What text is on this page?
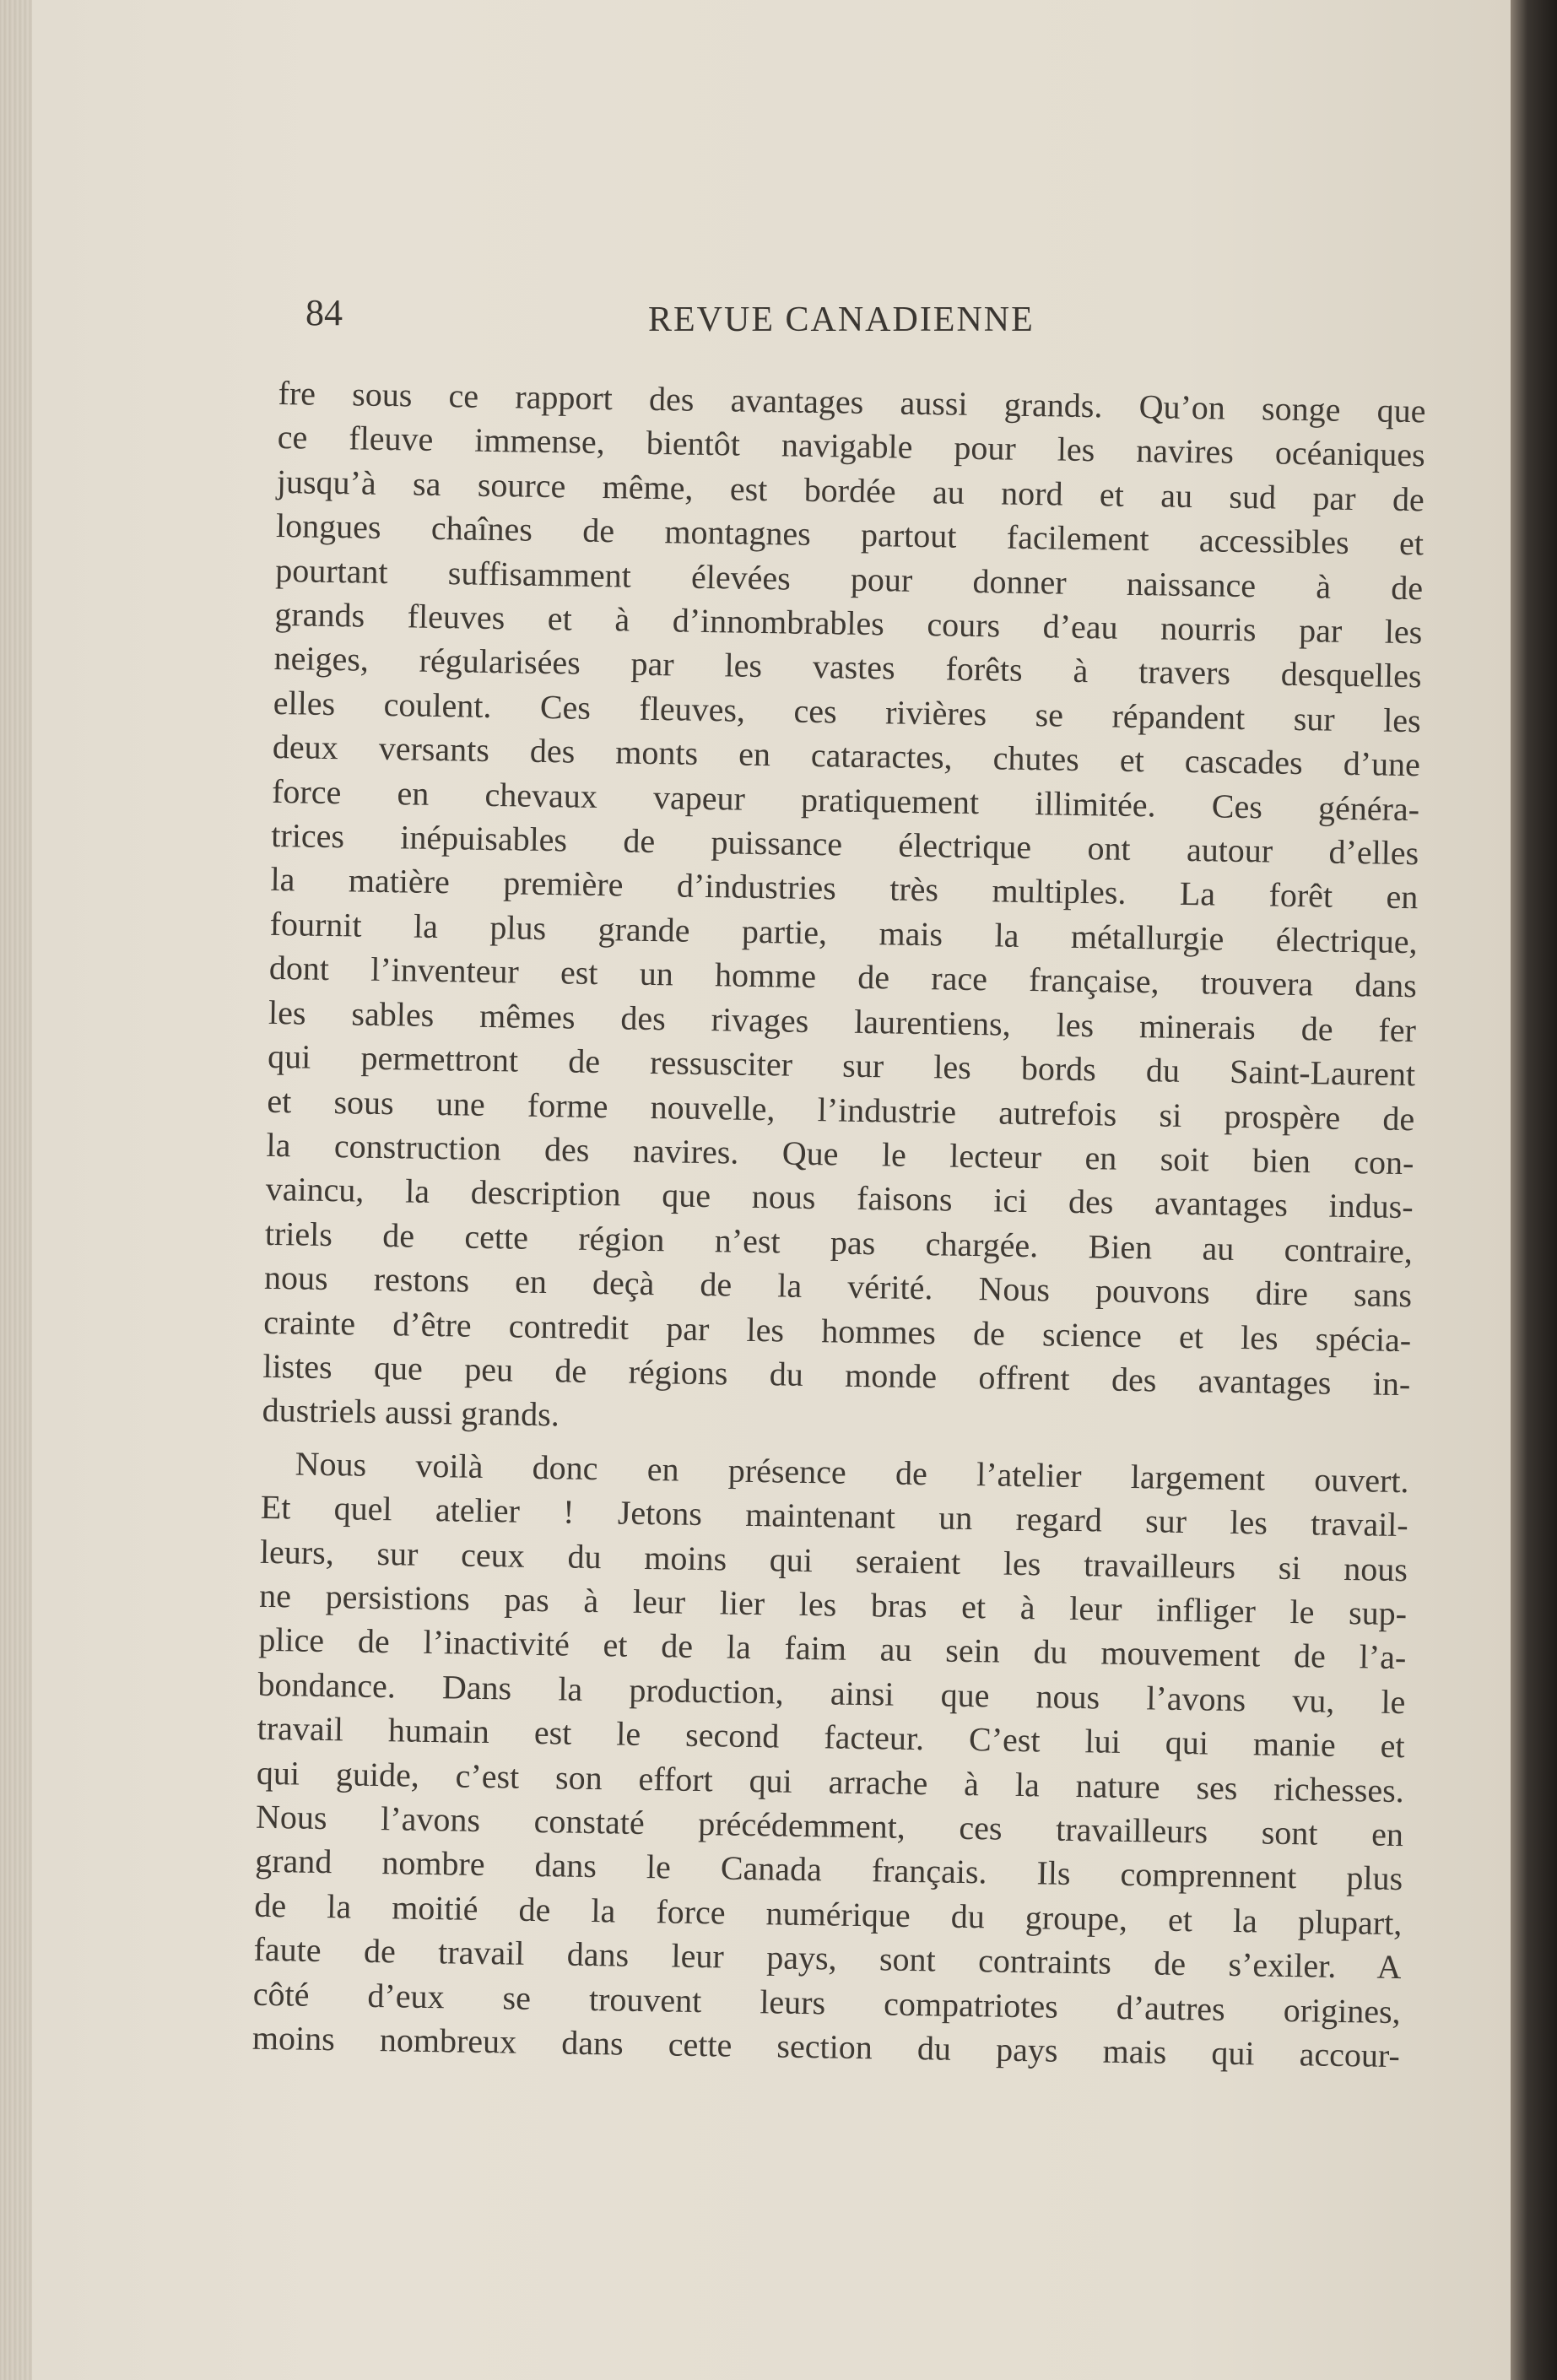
84	REVUE CANADIENNE
fre sous ce rapport des avantages aussi grands. Qu’on songe que
ce fleuve immense, bientôt navigable pour les navires océaniques
jusqu’à sa source même, est bordée au nord et au sud par de
longues chaînes de montagnes partout facilement accessibles et
pourtant suffisamment élevées pour donner naissance à de
grands fleuves et à d’innombrables cours d’eau nourris par les
neiges, régularisées par les vastes forêts à travers desquelles
elles coulent. Ces fleuves, ces rivières se répandent sur les
deux versants des monts en cataractes, chutes et cascades d’une
force en chevaux vapeur pratiquement illimitée. Ces généra-
trices inépuisables de puissance électrique ont autour d’elles
la matière première d’industries très multiples. La forêt en
fournit la plus grande partie, mais la métallurgie électrique,
dont l’inventeur est un homme de race française, trouvera dans
les sables mêmes des rivages laurentiens, les minerais de fer
qui permettront de ressusciter sur les bords du Saint-Laurent
et sous une forme nouvelle, l’industrie autrefois si prospère de
la construction des navires. Que le lecteur en soit bien con-
vaincu, la description que nous faisons ici des avantages indus-
triels de cette région n’est pas chargée. Bien au contraire,
nous restons en deçà de la vérité. Nous pouvons dire sans
crainte d’être contredit par les hommes de science et les spécia-
listes que peu de régions du monde offrent des avantages in-
dustriels aussi grands.
Nous voilà donc en présence de l’atelier largement ouvert.
Et quel atelier ! Jetons maintenant un regard sur les travail-
leurs, sur ceux du moins qui seraient les travailleurs si nous
ne persistions pas à leur lier les bras et à leur infliger le sup-
plice de l’inactivité et de la faim au sein du mouvement de l’a-
bondance. Dans la production, ainsi que nous l’avons vu, le
travail humain est le second facteur. C’est lui qui manie et
qui guide, c’est son effort qui arrache à la nature ses richesses.
Nous l’avons constaté précédemment, ces travailleurs sont en
grand nombre dans le Canada français. Ils comprennent plus
de la moitié de la force numérique du groupe, et la plupart,
faute de travail dans leur pays, sont contraints de s’exiler. A
côté d’eux se trouvent leurs compatriotes d’autres origines,
moins nombreux dans cette section du pays mais qui accour-
